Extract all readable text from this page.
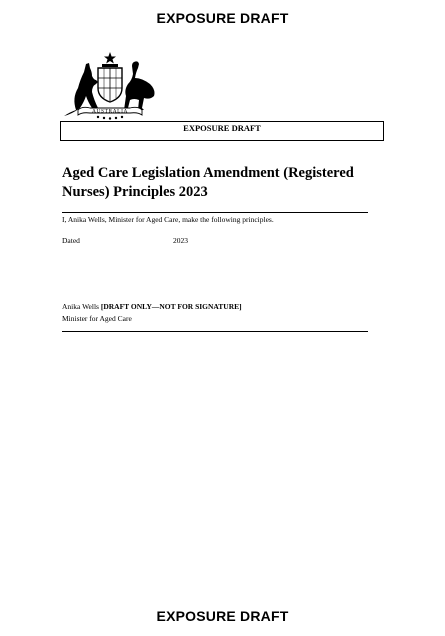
EXPOSURE DRAFT
AUSTRALIA
EXPOSURE DRAFT
Aged Care Legislation Amendment (Registered Nurses) Principles 2023
I, Anika Wells, Minister for Aged Care, make the following principles.
Dated	2023
Anika Wells [DRAFT ONLY—NOT FOR SIGNATURE]
Minister for Aged Care
EXPOSURE DRAFT
